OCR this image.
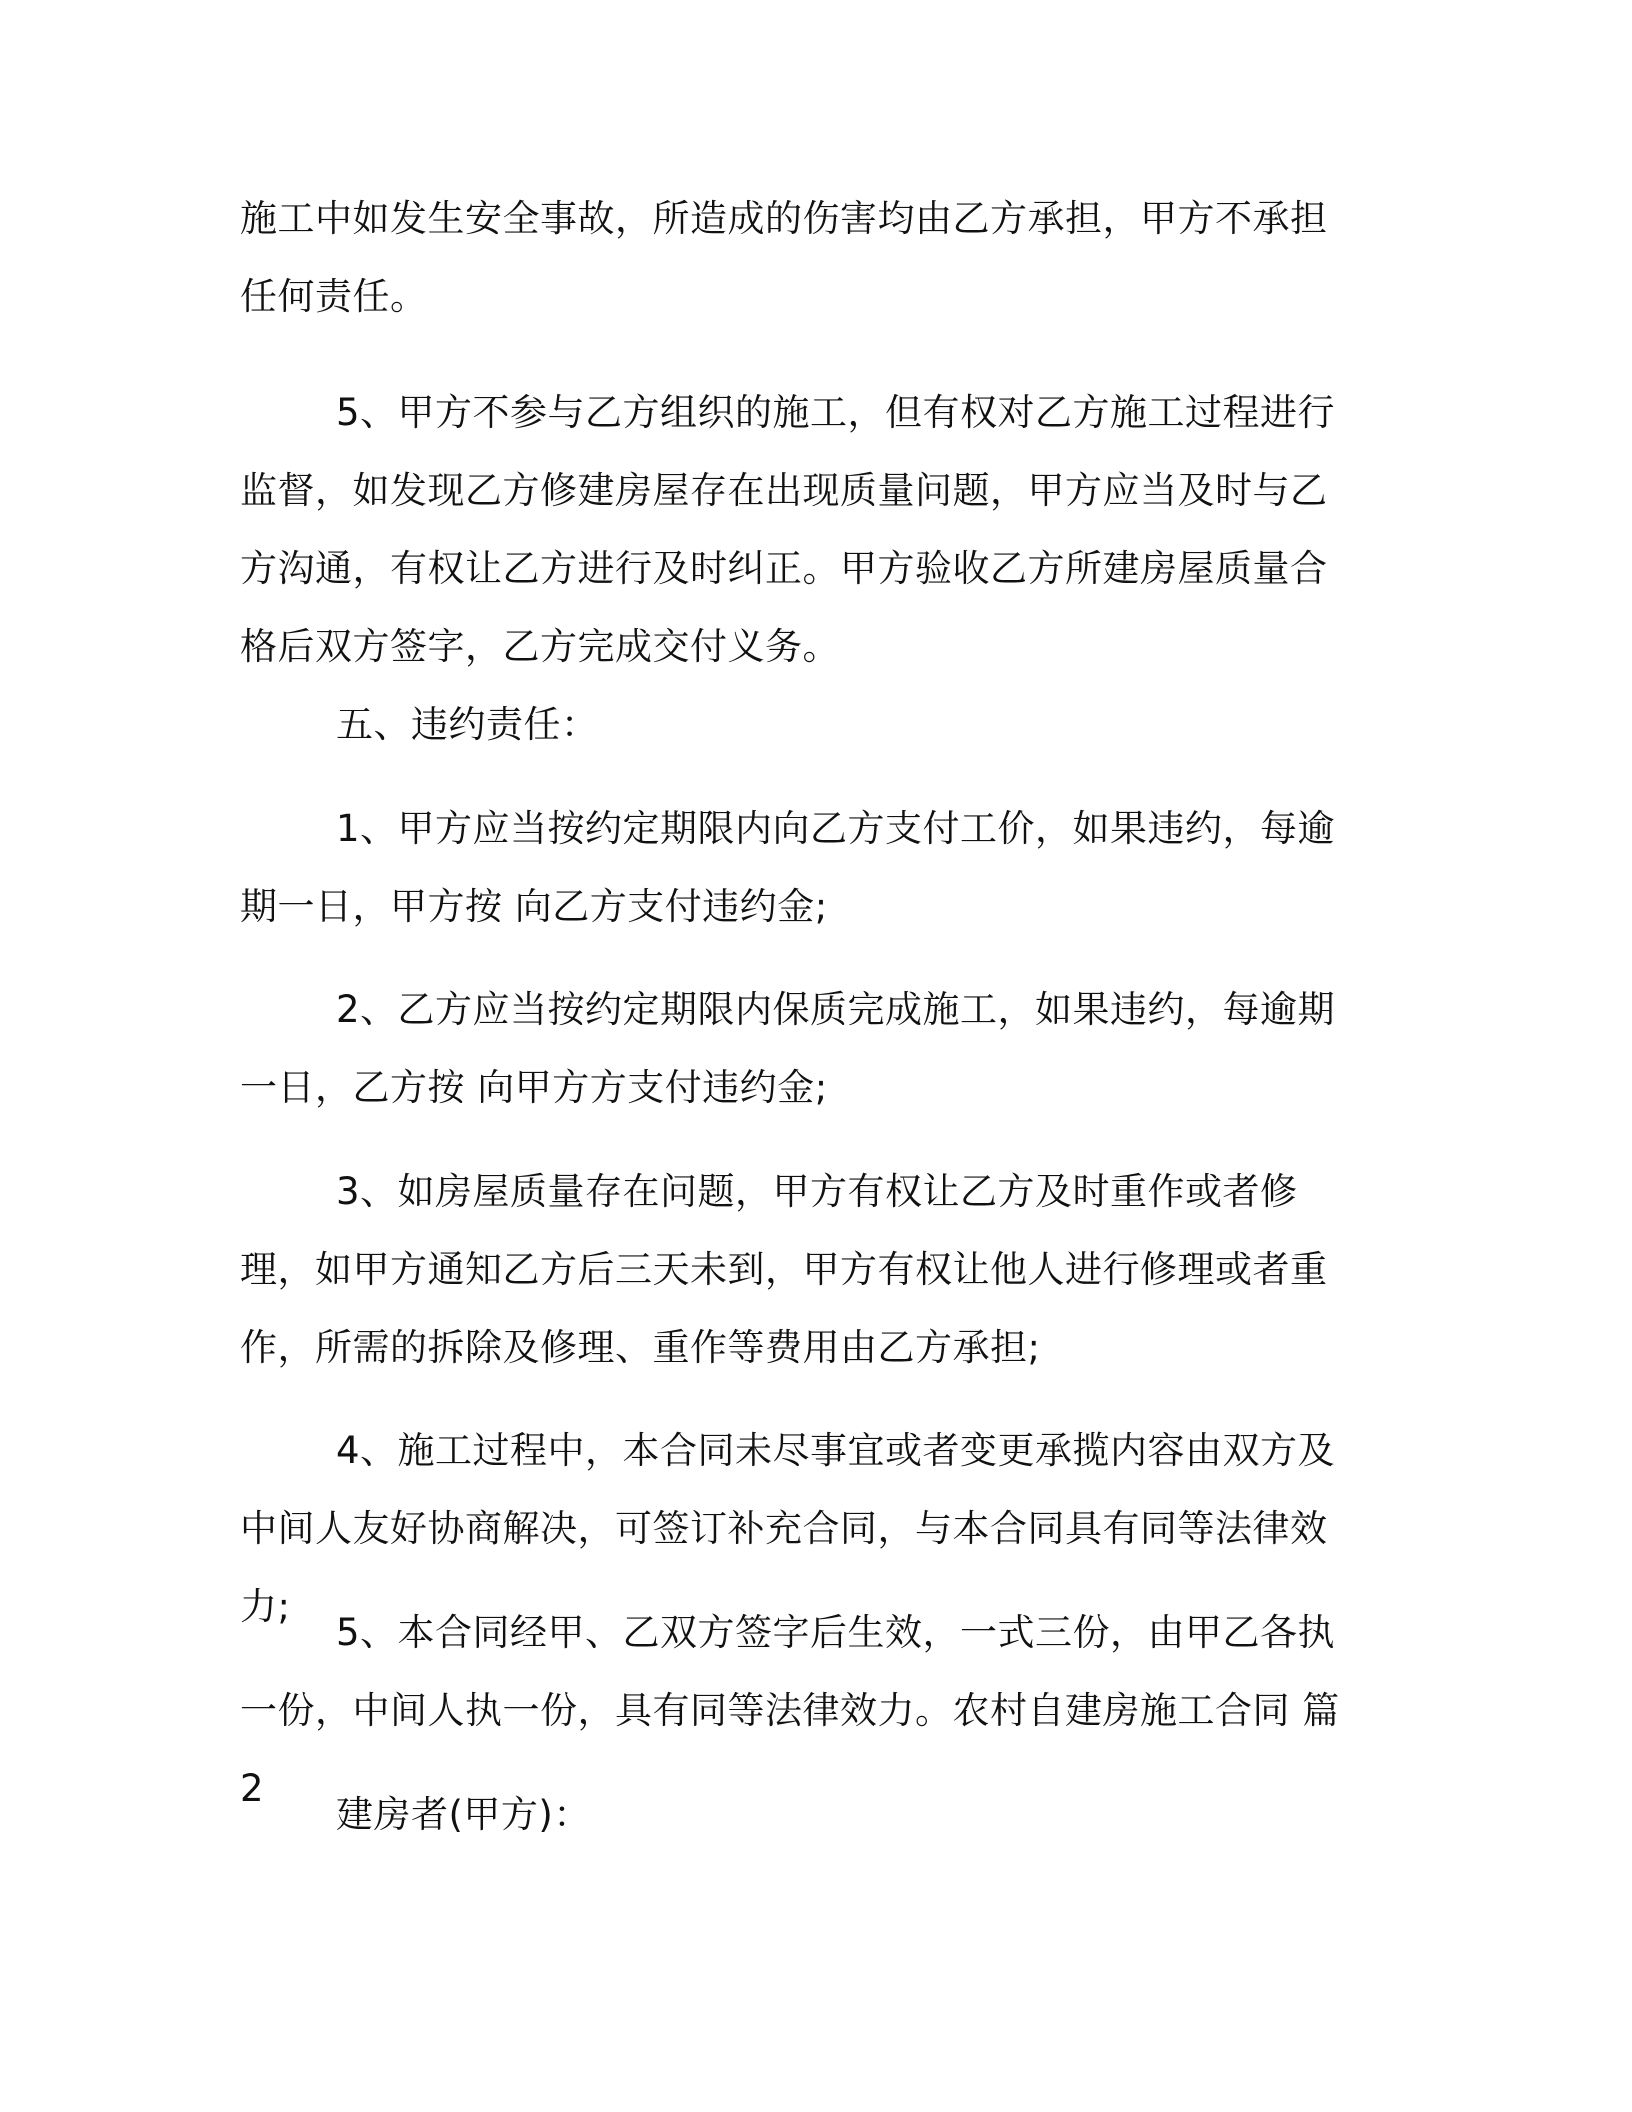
施工中如发生安全事故，所造成的伤害均由乙方承担，甲方不承担任何责任。

5、甲方不参与乙方组织的施工，但有权对乙方施工过程进行监督，如发现乙方修建房屋存在出现质量问题，甲方应当及时与乙方沟通，有权让乙方进行及时纠正。甲方验收乙方所建房屋质量合格后双方签字，乙方完成交付义务。

五、违约责任：

1、甲方应当按约定期限内向乙方支付工价，如果违约，每逾期一日，甲方按 向乙方支付违约金;

2、乙方应当按约定期限内保质完成施工，如果违约，每逾期一日，乙方按 向甲方方支付违约金;

3、如房屋质量存在问题，甲方有权让乙方及时重作或者修理，如甲方通知乙方后三天未到，甲方有权让他人进行修理或者重作，所需的拆除及修理、重作等费用由乙方承担;

4、施工过程中，本合同未尽事宜或者变更承揽内容由双方及中间人友好协商解决，可签订补充合同，与本合同具有同等法律效力;

5、本合同经甲、乙双方签字后生效，一式三份，由甲乙各执一份，中间人执一份，具有同等法律效力。农村自建房施工合同 篇 2

建房者(甲方)：
